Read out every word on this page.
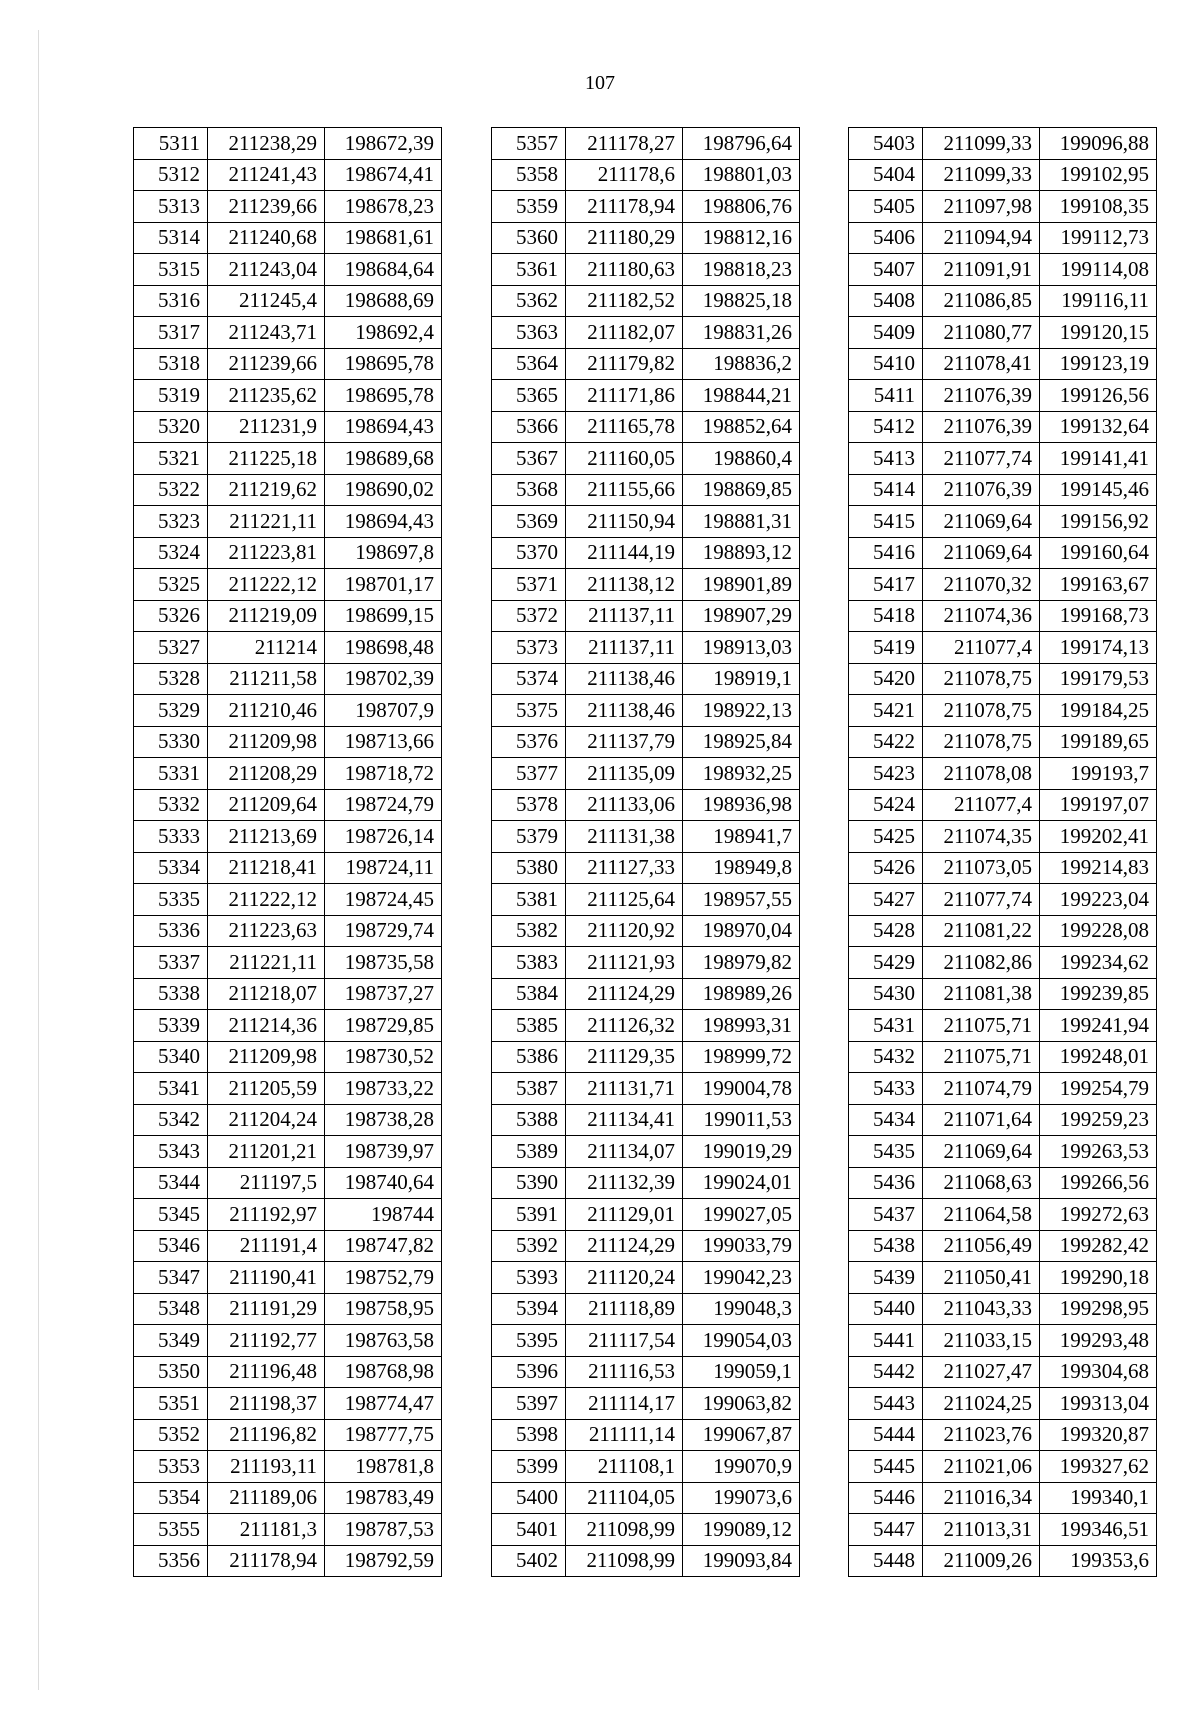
107
5311	211238,29	198672,39
5312	211241,43	198674,41
5313	211239,66	198678,23
5314	211240,68	198681,61
5315	211243,04	198684,64
5316	211245,4	198688,69
5317	211243,71	198692,4
5318	211239,66	198695,78
5319	211235,62	198695,78
5320	211231,9	198694,43
5321	211225,18	198689,68
5322	211219,62	198690,02
5323	211221,11	198694,43
5324	211223,81	198697,8
5325	211222,12	198701,17
5326	211219,09	198699,15
5327	211214	198698,48
5328	211211,58	198702,39
5329	211210,46	198707,9
5330	211209,98	198713,66
5331	211208,29	198718,72
5332	211209,64	198724,79
5333	211213,69	198726,14
5334	211218,41	198724,11
5335	211222,12	198724,45
5336	211223,63	198729,74
5337	211221,11	198735,58
5338	211218,07	198737,27
5339	211214,36	198729,85
5340	211209,98	198730,52
5341	211205,59	198733,22
5342	211204,24	198738,28
5343	211201,21	198739,97
5344	211197,5	198740,64
5345	211192,97	198744
5346	211191,4	198747,82
5347	211190,41	198752,79
5348	211191,29	198758,95
5349	211192,77	198763,58
5350	211196,48	198768,98
5351	211198,37	198774,47
5352	211196,82	198777,75
5353	211193,11	198781,8
5354	211189,06	198783,49
5355	211181,3	198787,53
5356	211178,94	198792,59
5357	211178,27	198796,64
5358	211178,6	198801,03
5359	211178,94	198806,76
5360	211180,29	198812,16
5361	211180,63	198818,23
5362	211182,52	198825,18
5363	211182,07	198831,26
5364	211179,82	198836,2
5365	211171,86	198844,21
5366	211165,78	198852,64
5367	211160,05	198860,4
5368	211155,66	198869,85
5369	211150,94	198881,31
5370	211144,19	198893,12
5371	211138,12	198901,89
5372	211137,11	198907,29
5373	211137,11	198913,03
5374	211138,46	198919,1
5375	211138,46	198922,13
5376	211137,79	198925,84
5377	211135,09	198932,25
5378	211133,06	198936,98
5379	211131,38	198941,7
5380	211127,33	198949,8
5381	211125,64	198957,55
5382	211120,92	198970,04
5383	211121,93	198979,82
5384	211124,29	198989,26
5385	211126,32	198993,31
5386	211129,35	198999,72
5387	211131,71	199004,78
5388	211134,41	199011,53
5389	211134,07	199019,29
5390	211132,39	199024,01
5391	211129,01	199027,05
5392	211124,29	199033,79
5393	211120,24	199042,23
5394	211118,89	199048,3
5395	211117,54	199054,03
5396	211116,53	199059,1
5397	211114,17	199063,82
5398	211111,14	199067,87
5399	211108,1	199070,9
5400	211104,05	199073,6
5401	211098,99	199089,12
5402	211098,99	199093,84
5403	211099,33	199096,88
5404	211099,33	199102,95
5405	211097,98	199108,35
5406	211094,94	199112,73
5407	211091,91	199114,08
5408	211086,85	199116,11
5409	211080,77	199120,15
5410	211078,41	199123,19
5411	211076,39	199126,56
5412	211076,39	199132,64
5413	211077,74	199141,41
5414	211076,39	199145,46
5415	211069,64	199156,92
5416	211069,64	199160,64
5417	211070,32	199163,67
5418	211074,36	199168,73
5419	211077,4	199174,13
5420	211078,75	199179,53
5421	211078,75	199184,25
5422	211078,75	199189,65
5423	211078,08	199193,7
5424	211077,4	199197,07
5425	211074,35	199202,41
5426	211073,05	199214,83
5427	211077,74	199223,04
5428	211081,22	199228,08
5429	211082,86	199234,62
5430	211081,38	199239,85
5431	211075,71	199241,94
5432	211075,71	199248,01
5433	211074,79	199254,79
5434	211071,64	199259,23
5435	211069,64	199263,53
5436	211068,63	199266,56
5437	211064,58	199272,63
5438	211056,49	199282,42
5439	211050,41	199290,18
5440	211043,33	199298,95
5441	211033,15	199293,48
5442	211027,47	199304,68
5443	211024,25	199313,04
5444	211023,76	199320,87
5445	211021,06	199327,62
5446	211016,34	199340,1
5447	211013,31	199346,51
5448	211009,26	199353,6
